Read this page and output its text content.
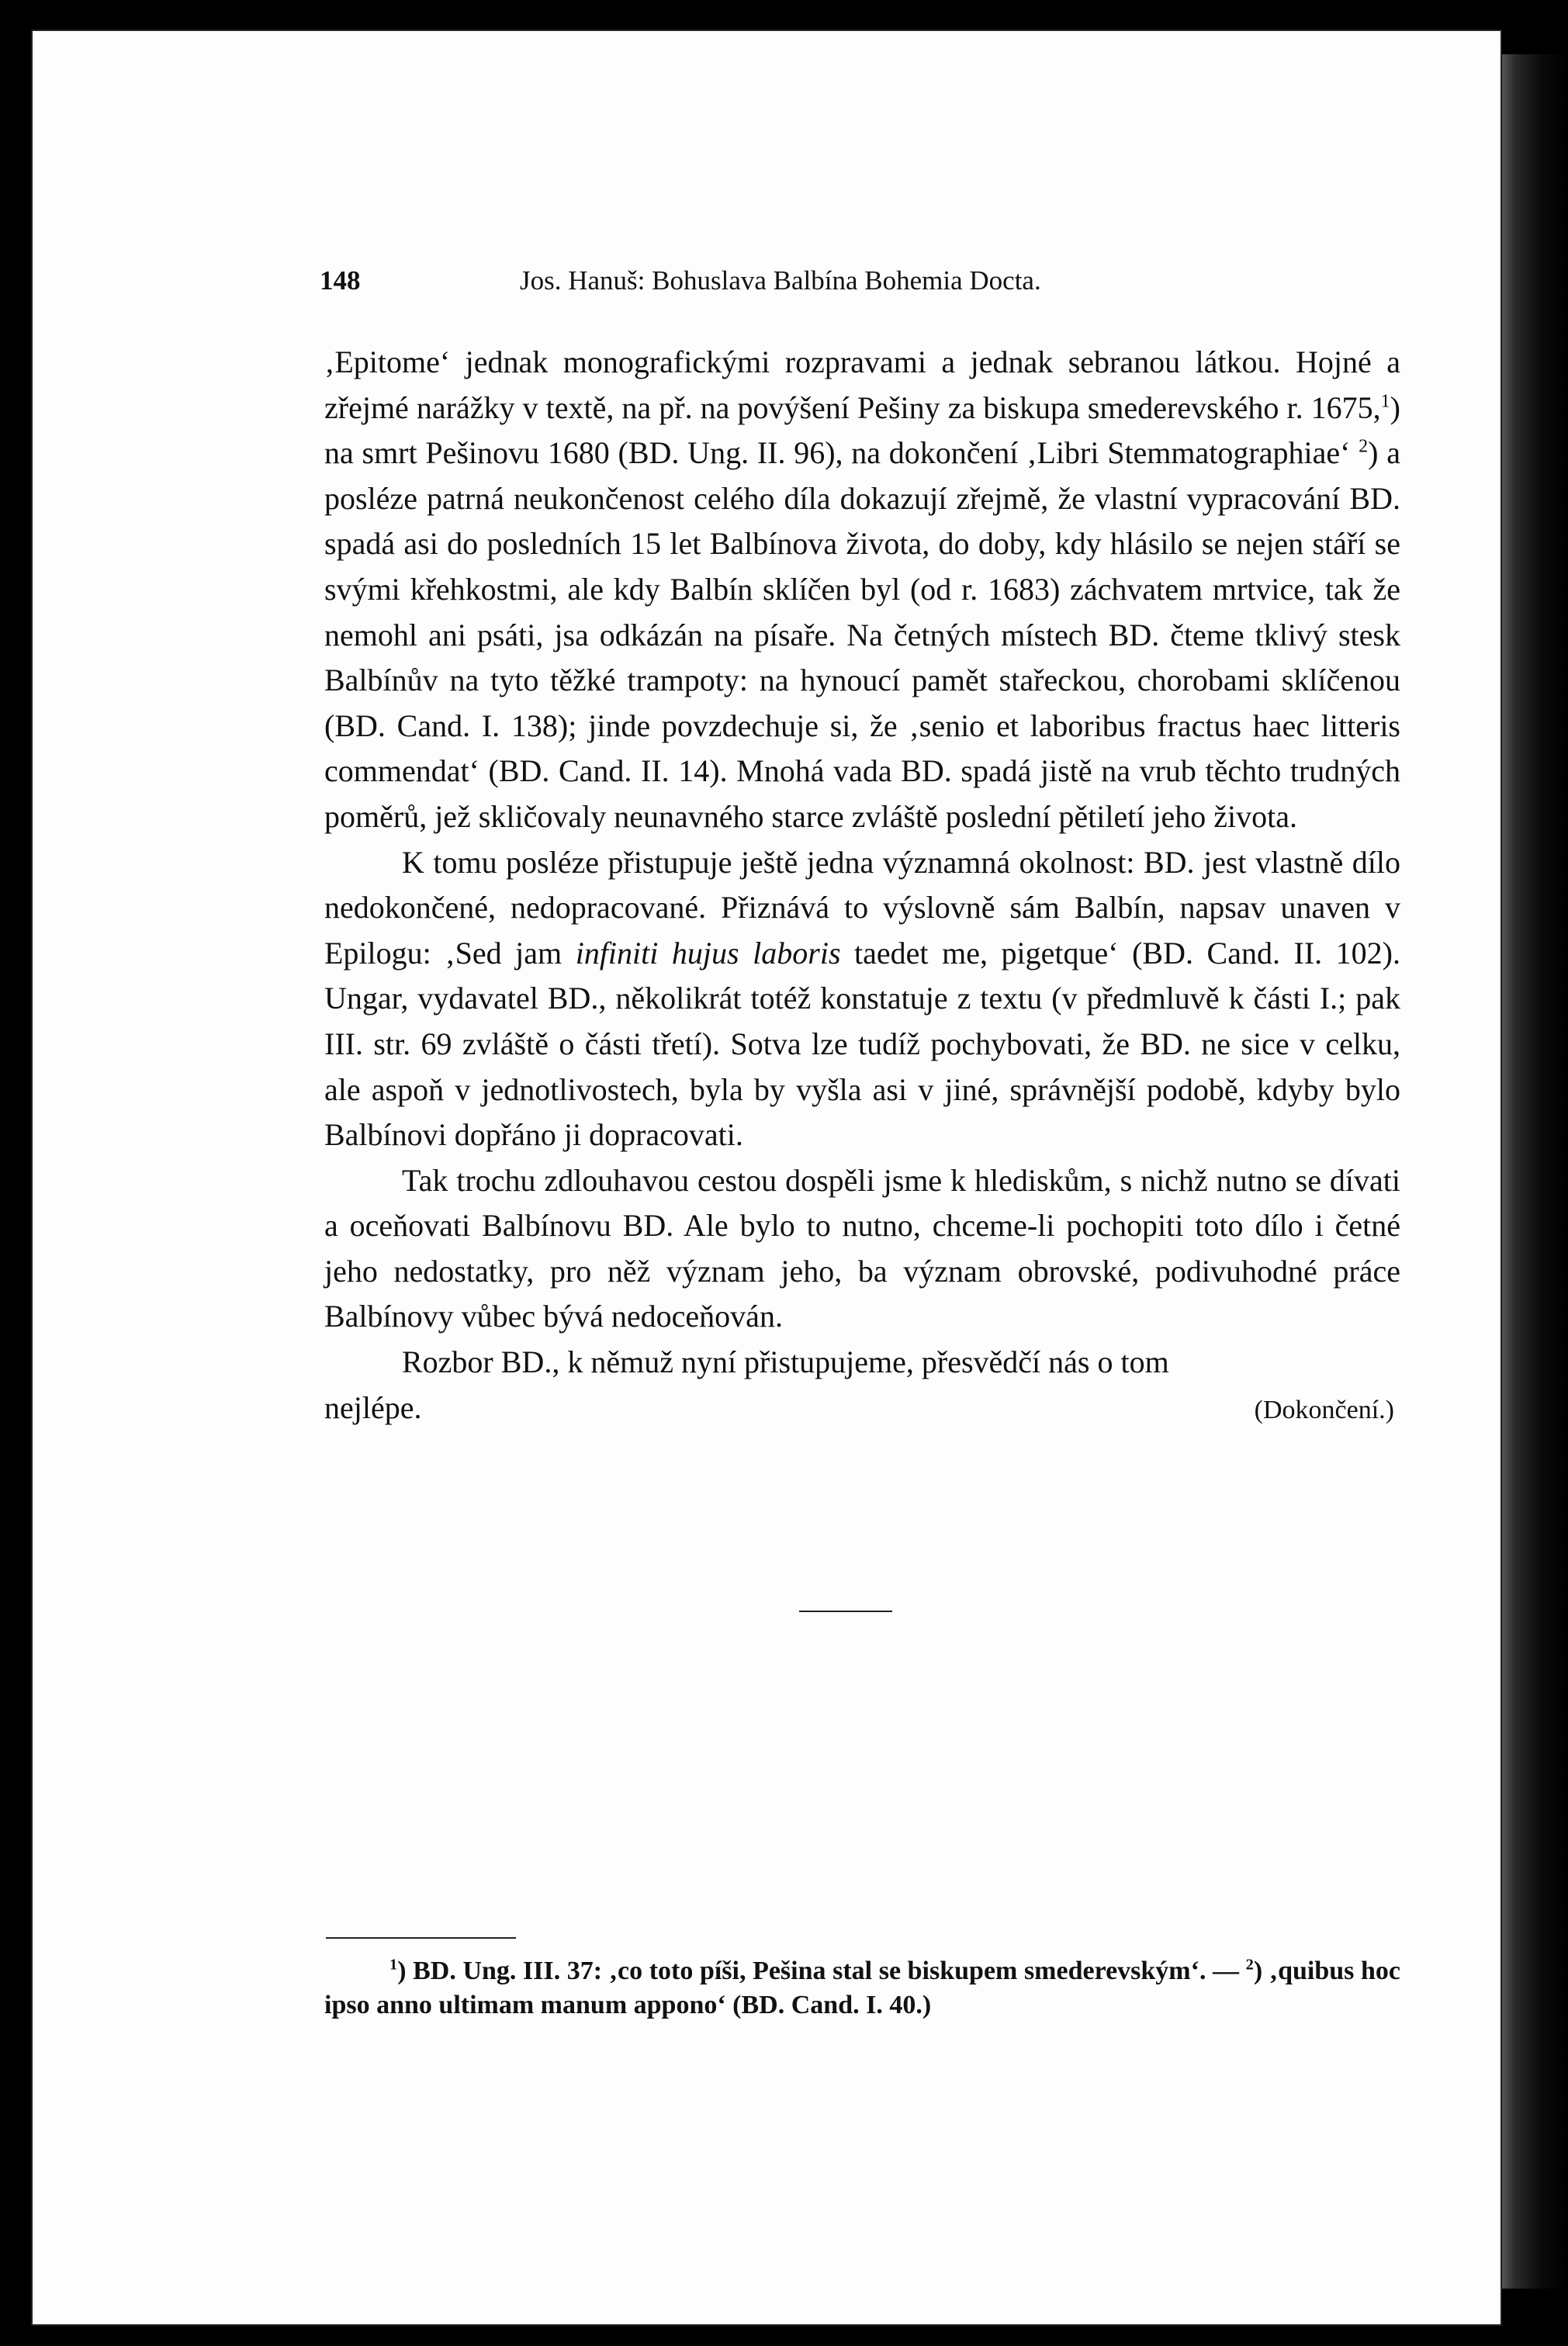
148	Jos. Hanuš: Bohuslava Balbína Bohemia Docta.

‚Epitome‘ jednak monografickými rozpravami a jednak sebranou látkou. Hojné a zřejmé narážky v textě, na př. na povýšení Pešiny za biskupa smederevského r. 1675,$^1$) na smrt Pešinovu 1680 (BD. Ung. II. 96), na dokončení ‚Libri Stemmatographiae‘ $^2$) a posléze patrná neukončenost celého díla dokazují zřejmě, že vlastní vypracování BD. spadá asi do posledních 15 let Balbínova života, do doby, kdy hlásilo se nejen stáří se svými křehkostmi, ale kdy Balbín sklíčen byl (od r. 1683) záchvatem mrtvice, tak že nemohl ani psáti, jsa odkázán na písaře. Na četných místech BD. čteme tklivý stesk Balbínův na tyto těžké trampoty: na hynoucí pamět stařeckou, chorobami sklíčenou (BD. Cand. I. 138); jinde povzdechuje si, že ‚senio et laboribus fractus haec litteris commendat‘ (BD. Cand. II. 14). Mnohá vada BD. spadá jistě na vrub těchto trudných poměrů, jež skličovaly neunavného starce zvláště poslední pětiletí jeho života.

K tomu posléze přistupuje ještě jedna významná okolnost: BD. jest vlastně dílo nedokončené, nedopracované. Přiznává to výslovně sám Balbín, napsav unaven v Epilogu: ‚Sed jam infiniti hujus laboris taedet me, pigetque‘ (BD. Cand. II. 102). Ungar, vydavatel BD., několikrát totéž konstatuje z textu (v předmluvě k části I.; pak III. str. 69 zvláště o části třetí). Sotva lze tudíž pochybovati, že BD. ne sice v celku, ale aspoň v jednotlivostech, byla by vyšla asi v jiné, správnější podobě, kdyby bylo Balbínovi dopřáno ji dopracovati.

Tak trochu zdlouhavou cestou dospěli jsme k hlediskům, s nichž nutno se dívati a oceňovati Balbínovu BD. Ale bylo to nutno, chceme-li pochopiti toto dílo i četné jeho nedostatky, pro něž význam jeho, ba význam obrovské, podivuhodné práce Balbínovy vůbec bývá nedoceňován.

Rozbor BD., k němuž nyní přistupujeme, přesvědčí nás o tom

nejlépe.	(Dokončení.)
$^1$) BD. Ung. III. 37: ‚co toto píši, Pešina stal se biskupem smederevským‘. — $^2$) ‚quibus hoc ipso anno ultimam manum appono‘ (BD. Cand. I. 40.)
